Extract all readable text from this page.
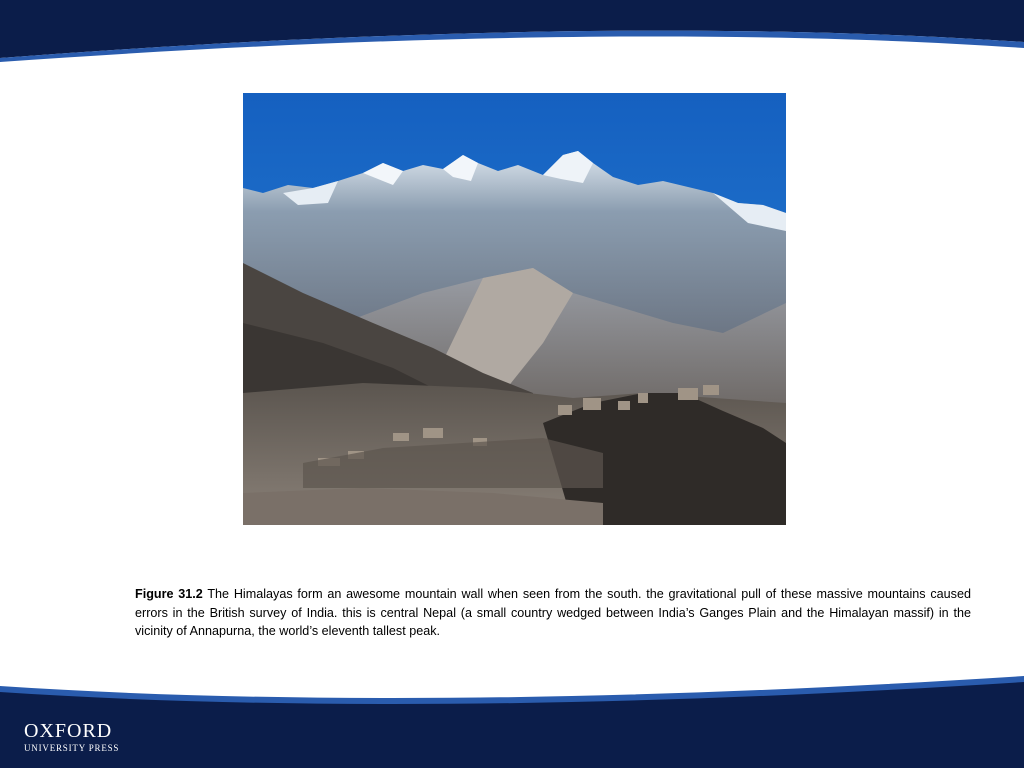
Figure 31.2 The Himalayas form an awesome mountain wall when seen from the south. the gravitational pull of these massive mountains caused errors in the British survey of India. this is central Nepal (a small country wedged between India’s Ganges Plain and the Himalayan massif) in the vicinity of Annapurna, the world’s eleventh tallest peak.
OXFORD
UNIVERSITY PRESS
